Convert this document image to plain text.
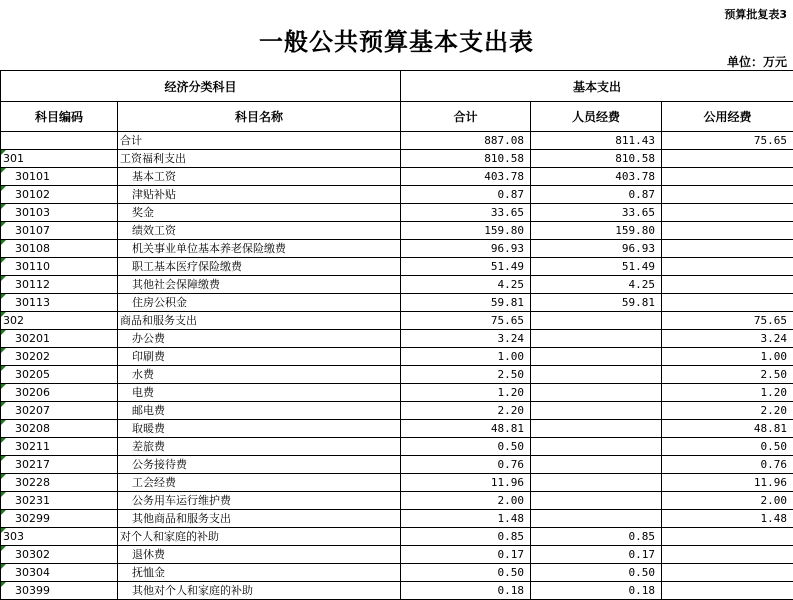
预算批复表3
一般公共预算基本支出表
单位：万元
经济分类科目		基本支出		
科目编码	科目名称	合计	人员经费	公用经费
	合计	887.08	811.43	75.65
301	工资福利支出	810.58	810.58	
30101	基本工资	403.78	403.78	
30102	津贴补贴	0.87	0.87	
30103	奖金	33.65	33.65	
30107	绩效工资	159.80	159.80	
30108	机关事业单位基本养老保险缴费	96.93	96.93	
30110	职工基本医疗保险缴费	51.49	51.49	
30112	其他社会保障缴费	4.25	4.25	
30113	住房公积金	59.81	59.81	
302	商品和服务支出	75.65		75.65
30201	办公费	3.24		3.24
30202	印刷费	1.00		1.00
30205	水费	2.50		2.50
30206	电费	1.20		1.20
30207	邮电费	2.20		2.20
30208	取暖费	48.81		48.81
30211	差旅费	0.50		0.50
30217	公务接待费	0.76		0.76
30228	工会经费	11.96		11.96
30231	公务用车运行维护费	2.00		2.00
30299	其他商品和服务支出	1.48		1.48
303	对个人和家庭的补助	0.85	0.85	
30302	退休费	0.17	0.17	
30304	抚恤金	0.50	0.50	
30399	其他对个人和家庭的补助	0.18	0.18	
